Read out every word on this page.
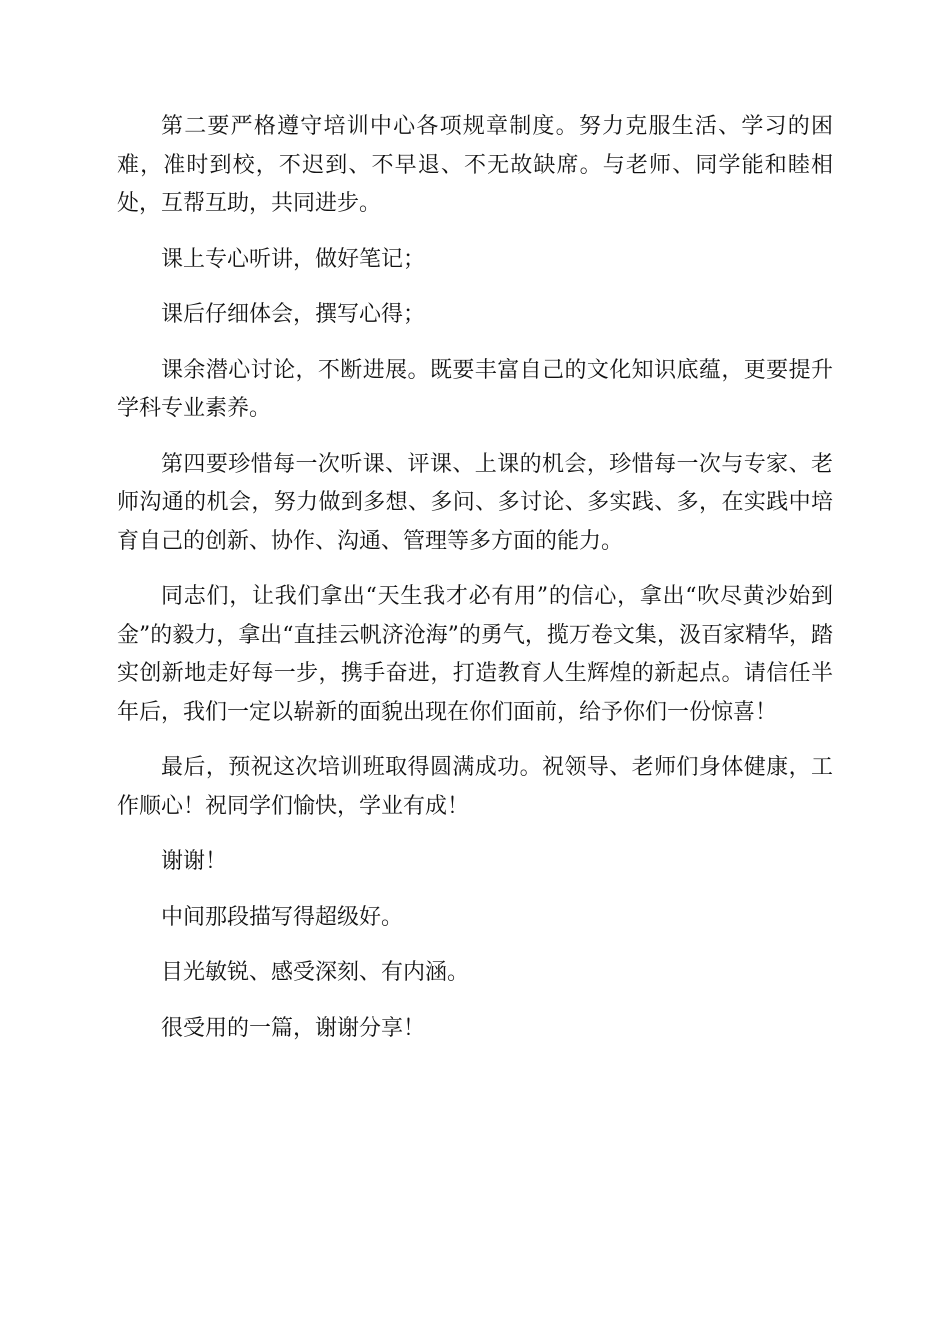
第二要严格遵守培训中心各项规章制度。努力克服生活、学习的困难，准时到校，不迟到、不早退、不无故缺席。与老师、同学能和睦相处，互帮互助，共同进步。

课上专心听讲，做好笔记；

课后仔细体会，撰写心得；

课余潜心讨论，不断进展。既要丰富自己的文化知识底蕴，更要提升学科专业素养。

第四要珍惜每一次听课、评课、上课的机会，珍惜每一次与专家、老师沟通的机会，努力做到多想、多问、多讨论、多实践、多，在实践中培育自己的创新、协作、沟通、管理等多方面的能力。

同志们，让我们拿出“天生我才必有用”的信心，拿出“吹尽黄沙始到金”的毅力，拿出“直挂云帆济沧海”的勇气，揽万卷文集，汲百家精华，踏实创新地走好每一步，携手奋进，打造教育人生辉煌的新起点。请信任半年后，我们一定以崭新的面貌出现在你们面前，给予你们一份惊喜！

最后，预祝这次培训班取得圆满成功。祝领导、老师们身体健康，工作顺心！祝同学们愉快，学业有成！

谢谢！

中间那段描写得超级好。

目光敏锐、感受深刻、有内涵。

很受用的一篇，谢谢分享！
